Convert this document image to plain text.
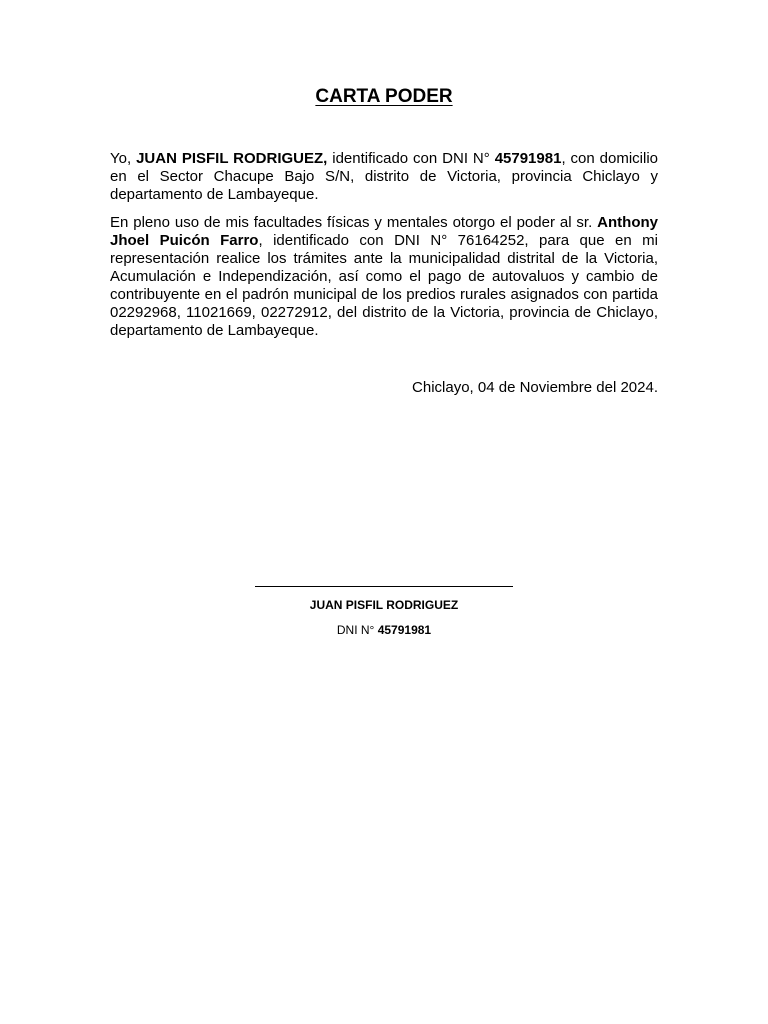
CARTA PODER

Yo, JUAN PISFIL RODRIGUEZ, identificado con DNI N° 45791981, con domicilio en el Sector Chacupe Bajo S/N, distrito de Victoria, provincia Chiclayo y departamento de Lambayeque.

En pleno uso de mis facultades físicas y mentales otorgo el poder al sr. Anthony Jhoel Puicón Farro, identificado con DNI N° 76164252, para que en mi representación realice los trámites ante la municipalidad distrital de la Victoria, Acumulación e Independización, así como el pago de autovaluos y cambio de contribuyente en el padrón municipal de los predios rurales asignados con partida 02292968, 11021669, 02272912, del distrito de la Victoria, provincia de Chiclayo, departamento de Lambayeque.

Chiclayo, 04 de Noviembre del 2024.
JUAN PISFIL RODRIGUEZ
DNI N° 45791981
